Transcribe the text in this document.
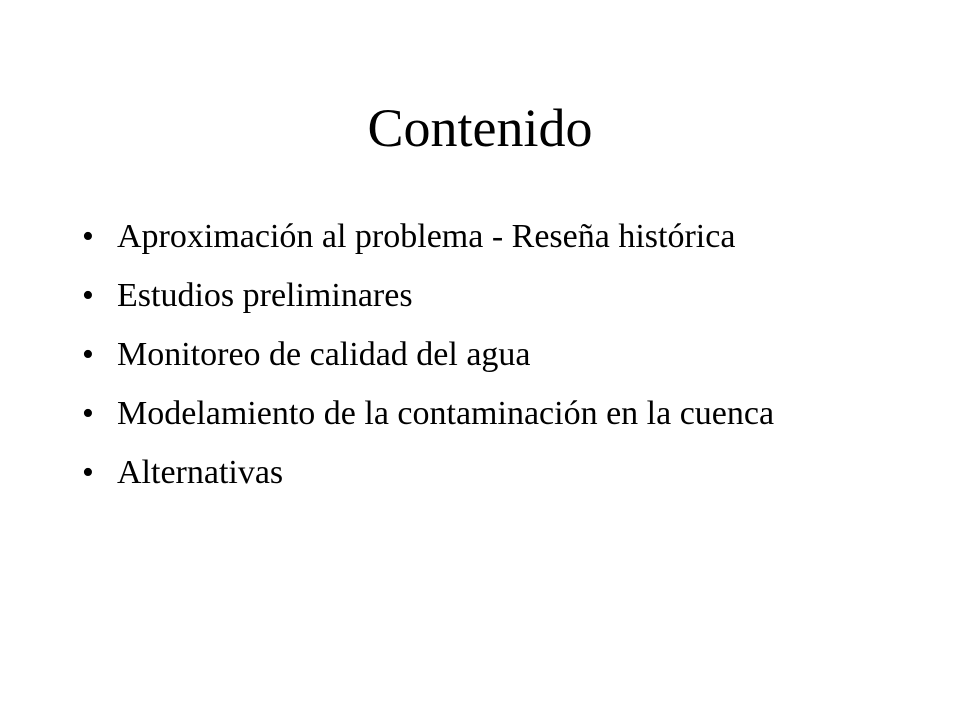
Contenido
• Aproximación al problema - Reseña histórica
• Estudios preliminares
• Monitoreo de calidad del agua
• Modelamiento de la contaminación en la cuenca
• Alternativas
